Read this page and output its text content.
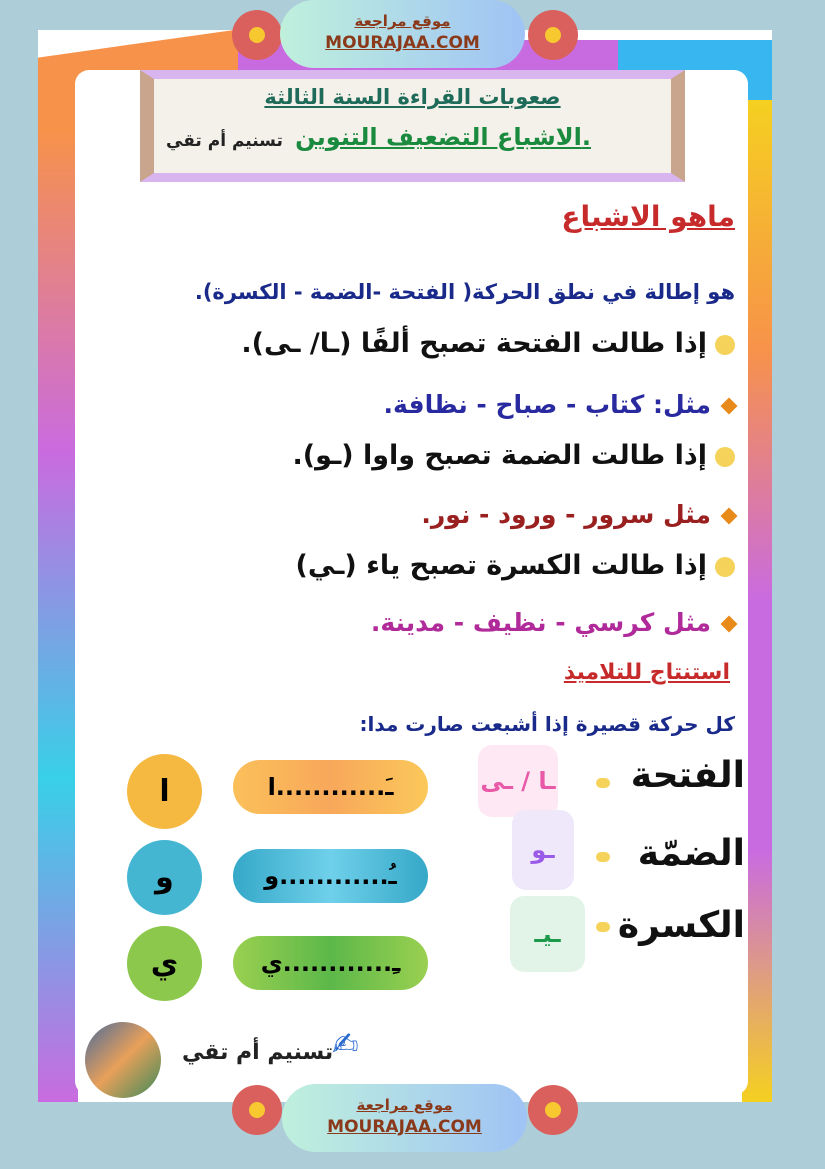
موقع مراجعة
MOURAJAA.COM
صعوبات القراءة السنة الثالثة
الاشباع التضعيف التنوين.
تسنيم أم تقي
ماهو الاشباع
هو إطالة في نطق الحركة( الفتحة -الضمة - الكسرة).
إذا طالت الفتحة تصبح ألفًا (ـا/ ـى).
مثل: كتاب - صباح - نظافة.
إذا طالت الضمة تصبح واوا (ـو).
مثل سرور - ورود - نور.
إذا طالت الكسرة تصبح ياء (ـي)
مثل كرسي - نظيف - مدينة.
استنتاج للتلاميذ
كل حركة قصيرة إذا أشبعت صارت مدا:
ا
و
ي
ـَ............ا
ـُ............و
ـِ............ي
ـا / ـى
ـو
ـيـ
الفتحة
الضمّة
الكسرة
تسنيم أم تقي
✍
موقع مراجعة
MOURAJAA.COM
